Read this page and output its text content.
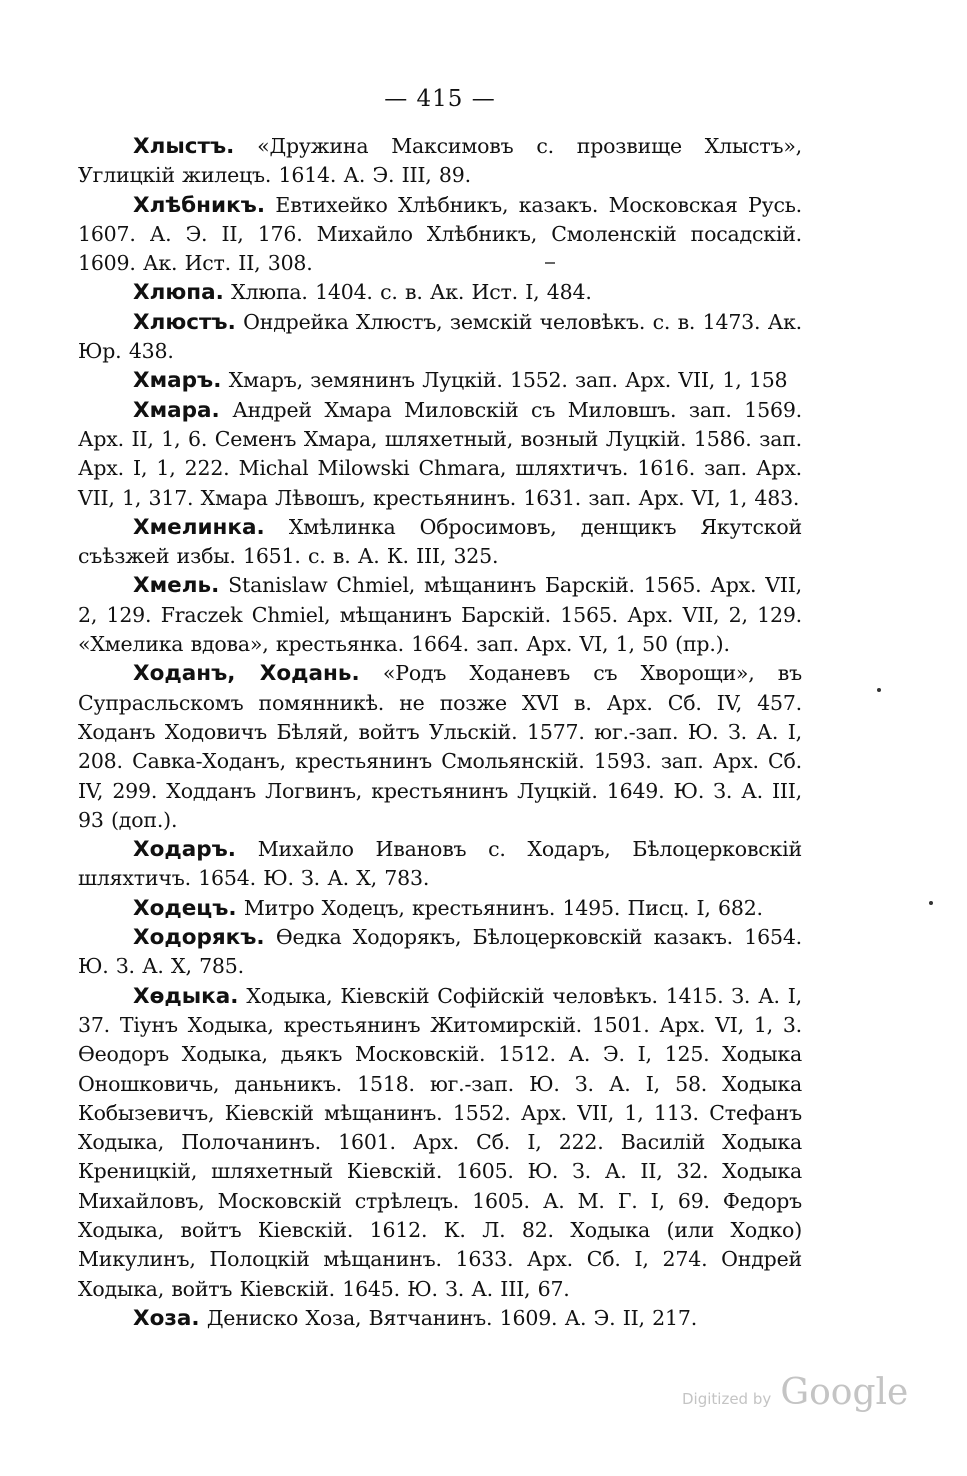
— 415 —

Хлыстъ. «Дружина Максимовъ с. прозвище Хлыстъ», Углицкій жилецъ. 1614. А. Э. III, 89.

Хлѣбникъ. Евтихейко Хлѣбникъ, казакъ. Московская Русь. 1607. А. Э. II, 176. Михайло Хлѣбникъ, Смоленскій посадскій. 1609. Ак. Ист. II, 308.

Хлюпа. Хлюпа. 1404. с. в. Ак. Ист. I, 484.

Хлюстъ. Ондрейка Хлюстъ, земскій человѣкъ. с. в. 1473. Ак. Юр. 438.

Хмаръ. Хмаръ, земянинъ Луцкій. 1552. зап. Арх. VII, 1, 158

Хмара. Андрей Хмара Миловскій съ Миловшъ. зап. 1569. Арх. II, 1, 6. Семенъ Хмара, шляхетный, возный Луцкій. 1586. зап. Арх. I, 1, 222. Michal Milowski Chmara, шляхтичъ. 1616. зап. Арх. VII, 1, 317. Хмара Лѣвошъ, крестьянинъ. 1631. зап. Арх. VI, 1, 483.

Хмелинка. Хмѣлинка Обросимовъ, денщикъ Якутской съѣзжей избы. 1651. с. в. А. К. III, 325.

Хмель. Stanislaw Chmiel, мѣщанинъ Барскій. 1565. Арх. VII, 2, 129. Fraczek Chmiel, мѣщанинъ Барскій. 1565. Арх. VII, 2, 129. «Хмелика вдова», крестьянка. 1664. зап. Арх. VI, 1, 50 (пр.).

Ходанъ, Ходань. «Родъ Ходаневъ съ Хворощи», въ Супрасльскомъ помянникѣ. не позже XVI в. Арх. Сб. IV, 457. Ходанъ Ходовичъ Бѣляй, войтъ Ульскій. 1577. юг.-зап. Ю. З. А. I, 208. Савка-Ходанъ, крестьянинъ Смольянскій. 1593. зап. Арх. Сб. IV, 299. Ходданъ Логвинъ, крестьянинъ Луцкій. 1649. Ю. З. А. III, 93 (доп.).

Ходаръ. Михайло Ивановъ с. Ходаръ, Бѣлоцерковскій шляхтичъ. 1654. Ю. З. А. X, 783.

Ходецъ. Митро Ходецъ, крестьянинъ. 1495. Писц. I, 682.

Ходорякъ. Ѳедка Ходорякъ, Бѣлоцерковскій казакъ. 1654. Ю. З. А. X, 785.

Хѳдыка. Ходыка, Кіевскій Софійскій человѣкъ. 1415. З. А. I, 37. Тіунъ Ходыка, крестьянинъ Житомирскій. 1501. Арх. VI, 1, 3. Ѳеодоръ Ходыка, дьякъ Московскій. 1512. А. Э. I, 125. Ходыка Оношковичь, даньникъ. 1518. юг.-зап. Ю. З. А. I, 58. Ходыка Кобызевичъ, Кіевскій мѣщанинъ. 1552. Арх. VII, 1, 113. Стефанъ Ходыка, Полочанинъ. 1601. Арх. Сб. I, 222. Василій Ходыка Креницкій, шляхетный Кіевскій. 1605. Ю. З. А. II, 32. Ходыка Михайловъ, Московскій стрѣлецъ. 1605. А. М. Г. I, 69. Федоръ Ходыка, войтъ Кіевскій. 1612. К. Л. 82. Ходыка (или Ходко) Микулинъ, Полоцкій мѣщанинъ. 1633. Арх. Сб. I, 274. Ондрей Ходыка, войтъ Кіевскій. 1645. Ю. З. А. III, 67.

Хоза. Дениско Хоза, Вятчанинъ. 1609. А. Э. II, 217.

Digitized by Google
